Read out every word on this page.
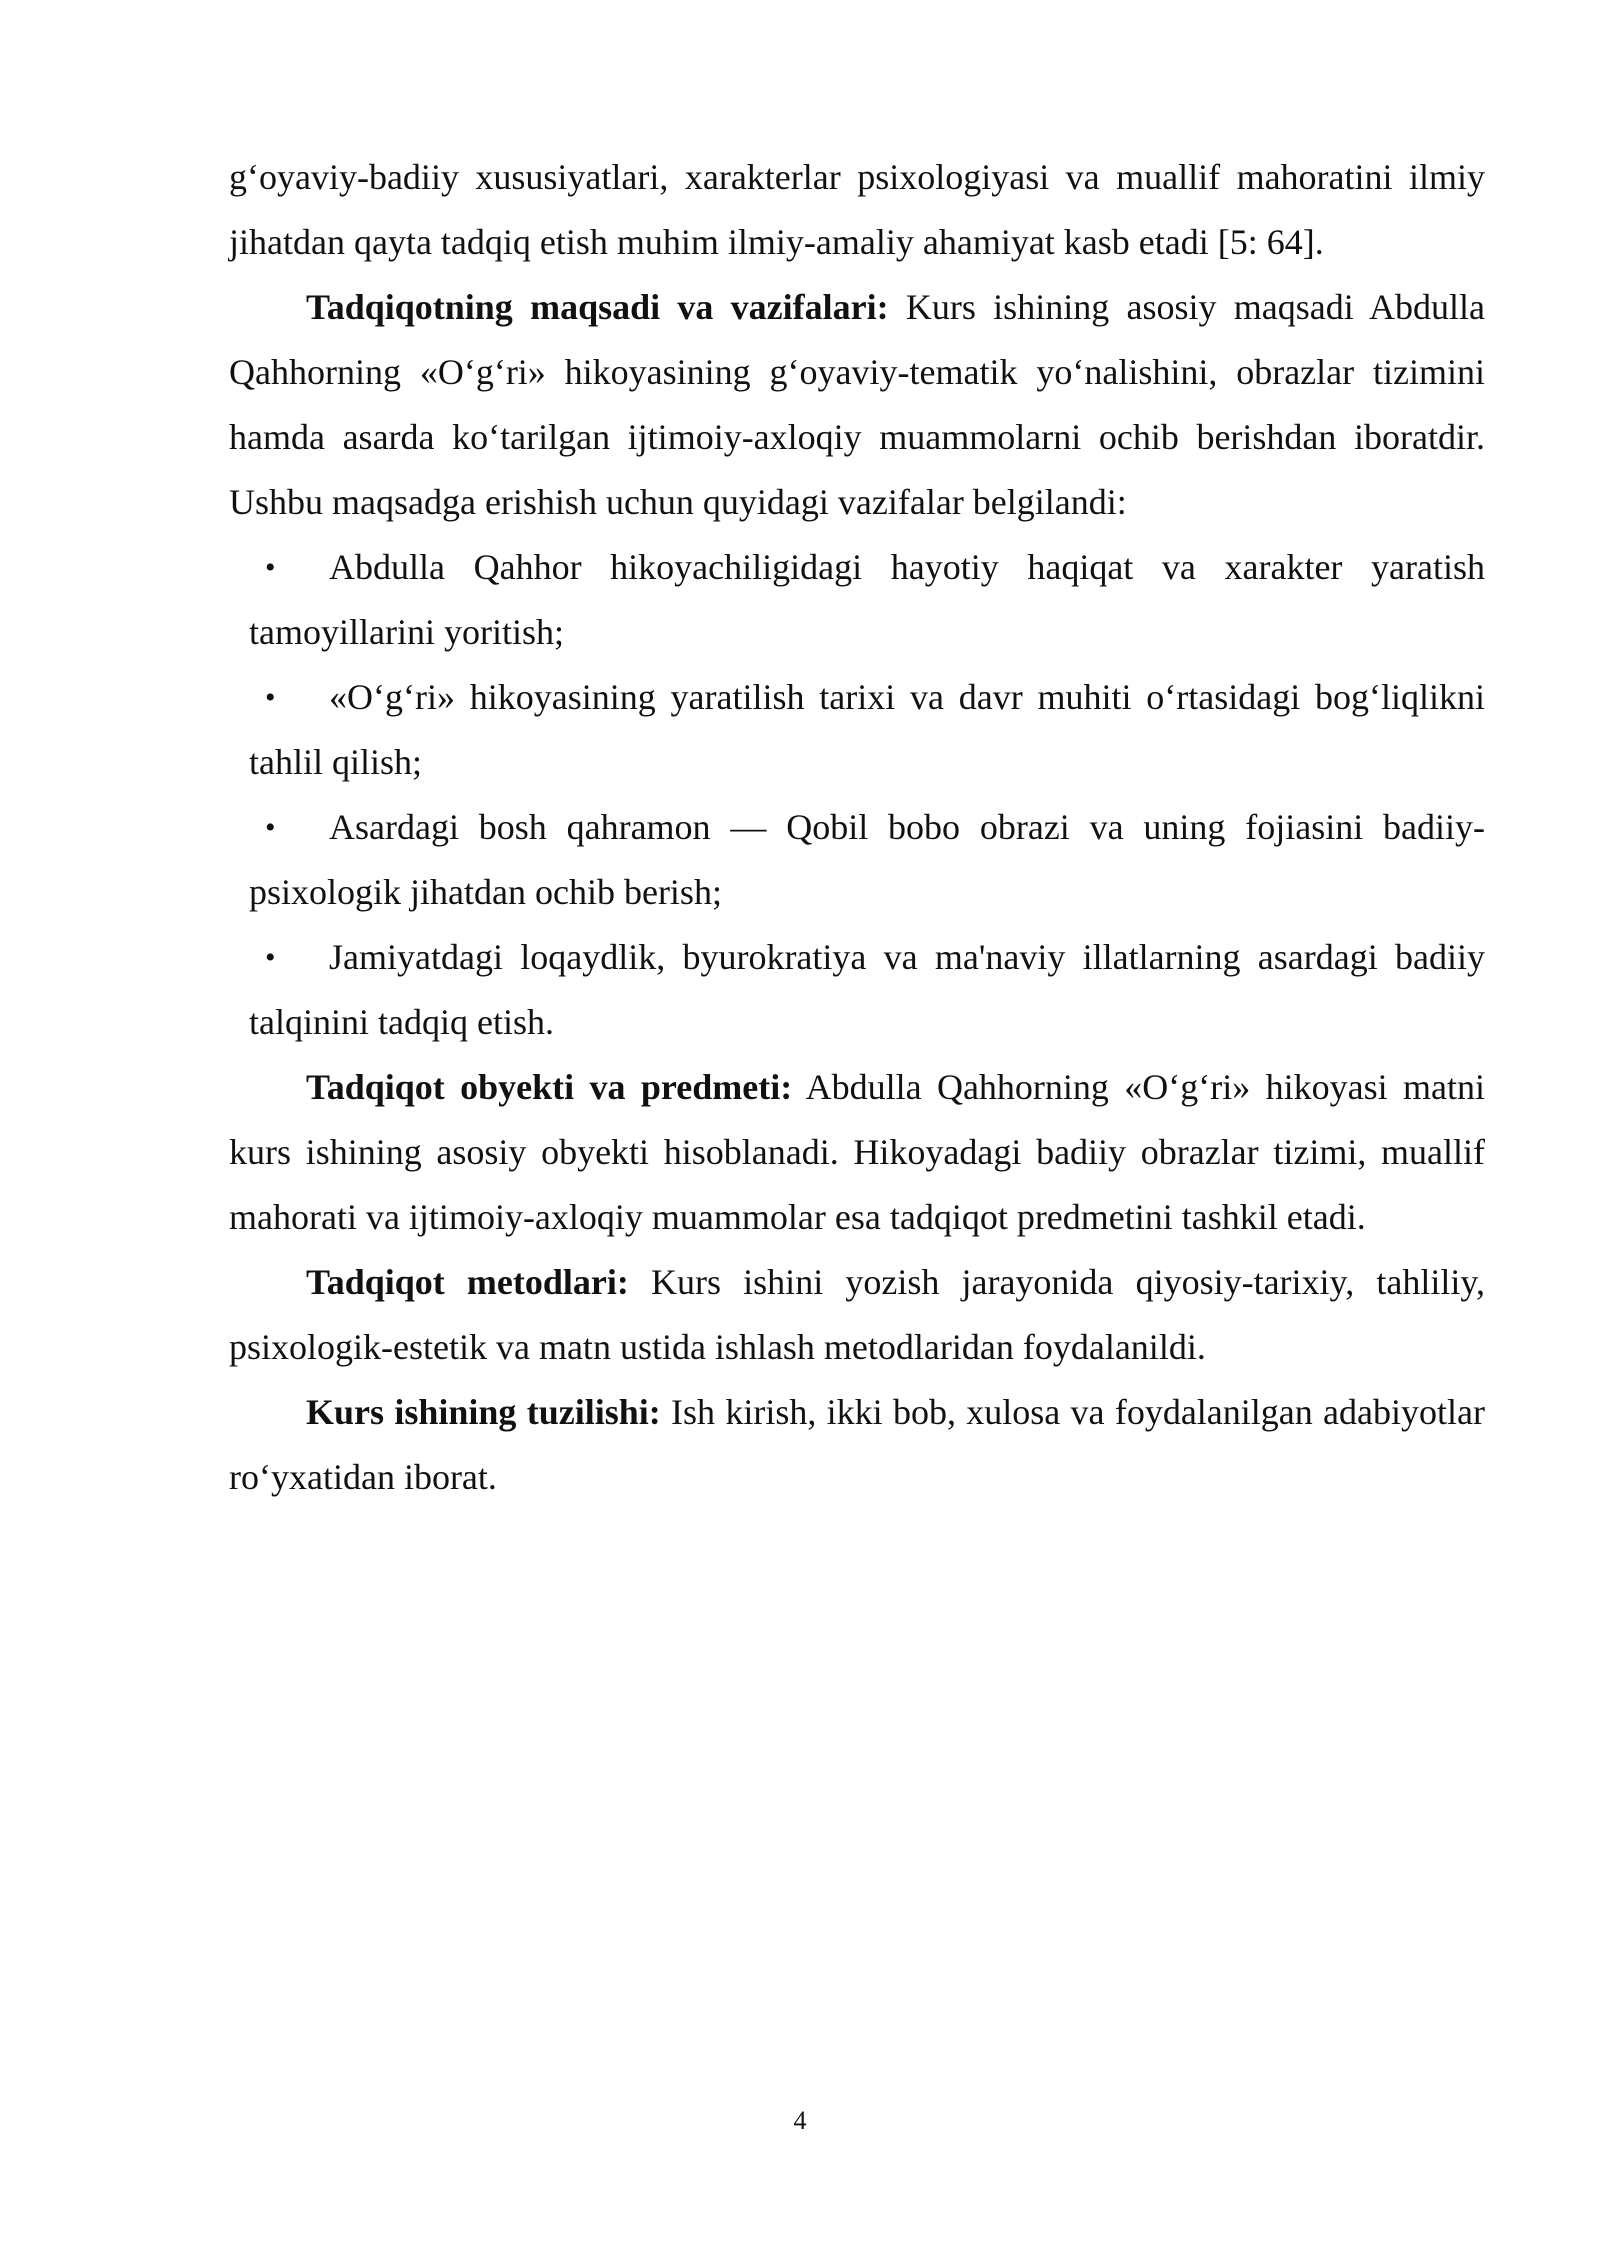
g‘oyaviy-badiiy xususiyatlari, xarakterlar psixologiyasi va muallif mahoratini ilmiy jihatdan qayta tadqiq etish muhim ilmiy-amaliy ahamiyat kasb etadi [5: 64].

Tadqiqotning maqsadi va vazifalari: Kurs ishining asosiy maqsadi Abdulla Qahhorning «O‘g‘ri» hikoyasining g‘oyaviy-tematik yo‘nalishini, obrazlar tizimini hamda asarda ko‘tarilgan ijtimoiy-axloqiy muammolarni ochib berishdan iboratdir. Ushbu maqsadga erishish uchun quyidagi vazifalar belgilandi:

• Abdulla Qahhor hikoyachiligidagi hayotiy haqiqat va xarakter yaratish tamoyillarini yoritish;
• «O‘g‘ri» hikoyasining yaratilish tarixi va davr muhiti o‘rtasidagi bog‘liqlikni tahlil qilish;
• Asardagi bosh qahramon — Qobil bobo obrazi va uning fojiasini badiiy-psixologik jihatdan ochib berish;
• Jamiyatdagi loqaydlik, byurokratiya va ma'naviy illatlarning asardagi badiiy talqinini tadqiq etish.

Tadqiqot obyekti va predmeti: Abdulla Qahhorning «O‘g‘ri» hikoyasi matni kurs ishining asosiy obyekti hisoblanadi. Hikoyadagi badiiy obrazlar tizimi, muallif mahorati va ijtimoiy-axloqiy muammolar esa tadqiqot predmetini tashkil etadi.

Tadqiqot metodlari: Kurs ishini yozish jarayonida qiyosiy-tarixiy, tahliliy, psixologik-estetik va matn ustida ishlash metodlaridan foydalanildi.

Kurs ishining tuzilishi: Ish kirish, ikki bob, xulosa va foydalanilgan adabiyotlar ro‘yxatidan iborat.

4
